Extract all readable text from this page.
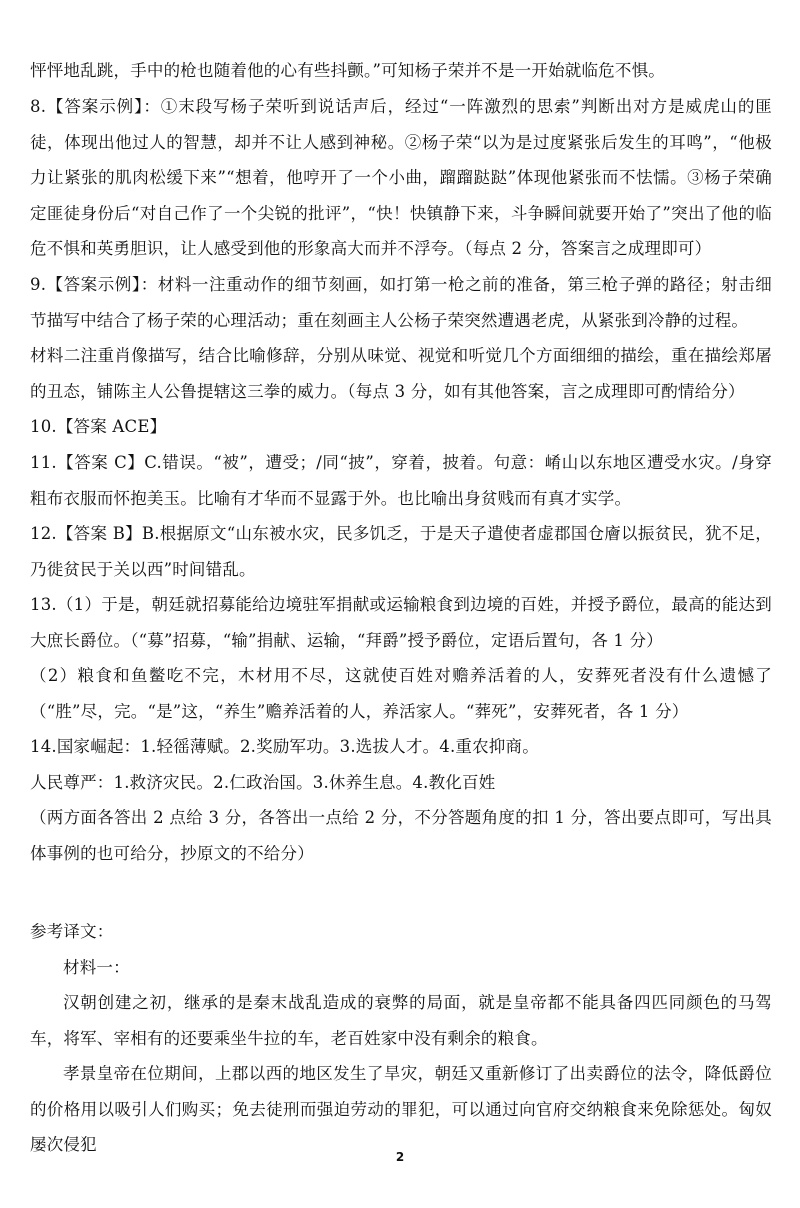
怦怦地乱跳，手中的枪也随着他的心有些抖颤。”可知杨子荣并不是一开始就临危不惧。

8.【答案示例】：①末段写杨子荣听到说话声后，经过“一阵激烈的思索”判断出对方是威虎山的匪徒，体现出他过人的智慧，却并不让人感到神秘。②杨子荣“以为是过度紧张后发生的耳鸣”，“他极力让紧张的肌肉松缓下来”“想着，他哼开了一个小曲，蹓蹓跶跶”体现他紧张而不怯懦。③杨子荣确定匪徒身份后“对自己作了一个尖锐的批评”，“快！快镇静下来，斗争瞬间就要开始了”突出了他的临危不惧和英勇胆识，让人感受到他的形象高大而并不浮夸。（每点 2 分，答案言之成理即可）

9.【答案示例】：材料一注重动作的细节刻画，如打第一枪之前的准备，第三枪子弹的路径；射击细节描写中结合了杨子荣的心理活动；重在刻画主人公杨子荣突然遭遇老虎，从紧张到冷静的过程。

材料二注重肖像描写，结合比喻修辞，分别从味觉、视觉和听觉几个方面细细的描绘，重在描绘郑屠的丑态，铺陈主人公鲁提辖这三拳的威力。（每点 3 分，如有其他答案，言之成理即可酌情给分）

10.【答案 ACE】

11.【答案 C】C.错误。“被”，遭受；/同“披”，穿着，披着。句意：崤山以东地区遭受水灾。/身穿粗布衣服而怀抱美玉。比喻有才华而不显露于外。也比喻出身贫贱而有真才实学。

12.【答案 B】B.根据原文“山东被水灾，民多饥乏，于是天子遣使者虚郡国仓廥以振贫民，犹不足，乃徙贫民于关以西”时间错乱。

13.（1）于是，朝廷就招募能给边境驻军捐献或运输粮食到边境的百姓，并授予爵位，最高的能达到大庶长爵位。（“募”招募，“输”捐献、运输，“拜爵”授予爵位，定语后置句，各 1 分）

（2）粮食和鱼鳖吃不完，木材用不尽，这就使百姓对赡养活着的人，安葬死者没有什么遗憾了（“胜”尽，完。“是”这，“养生”赡养活着的人，养活家人。“葬死”，安葬死者，各 1 分）

14.国家崛起：1.轻徭薄赋。2.奖励军功。3.选拔人才。4.重农抑商。

人民尊严：1.救济灾民。2.仁政治国。3.休养生息。4.教化百姓

（两方面各答出 2 点给 3 分，各答出一点给 2 分，不分答题角度的扣 1 分，答出要点即可，写出具体事例的也可给分，抄原文的不给分）

参考译文：

材料一：

汉朝创建之初，继承的是秦末战乱造成的衰弊的局面，就是皇帝都不能具备四匹同颜色的马驾车，将军、宰相有的还要乘坐牛拉的车，老百姓家中没有剩余的粮食。

孝景皇帝在位期间，上郡以西的地区发生了旱灾，朝廷又重新修订了出卖爵位的法令，降低爵位的价格用以吸引人们购买；免去徒刑而强迫劳动的罪犯，可以通过向官府交纳粮食来免除惩处。匈奴屡次侵犯

2
